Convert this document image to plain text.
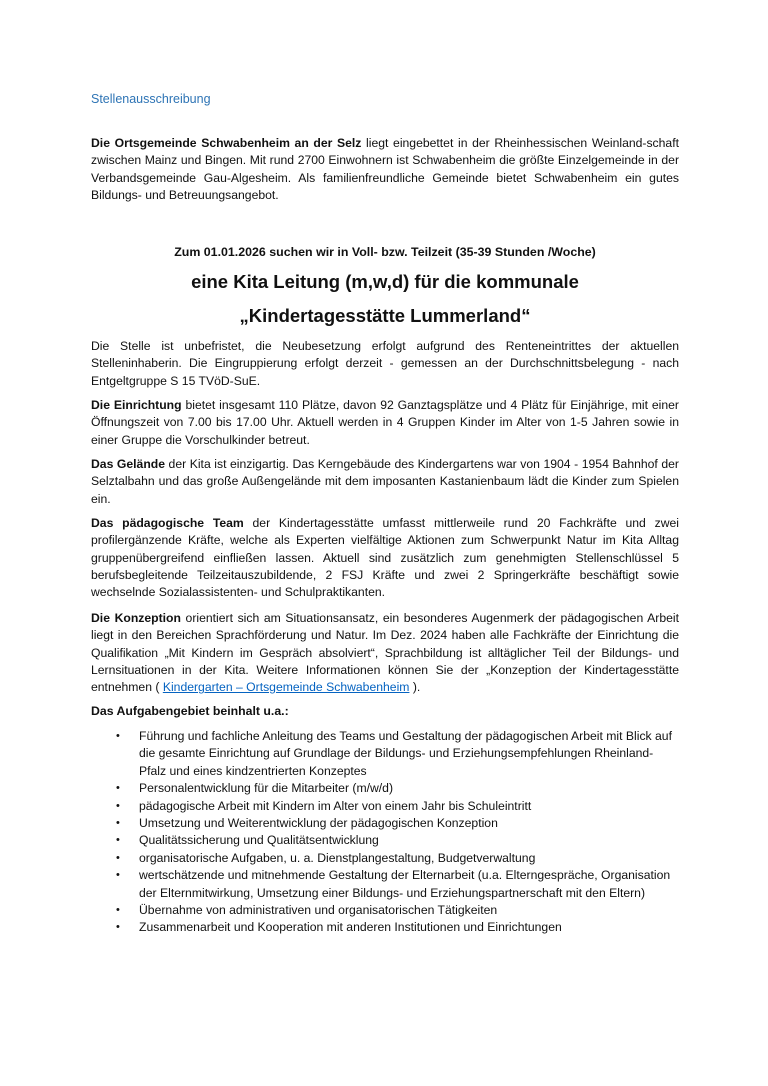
Stellenausschreibung

Die Ortsgemeinde Schwabenheim an der Selz liegt eingebettet in der Rheinhessischen Weinland-schaft zwischen Mainz und Bingen. Mit rund 2700 Einwohnern ist Schwabenheim die größte Einzelgemeinde in der Verbandsgemeinde Gau-Algesheim. Als familienfreundliche Gemeinde bietet Schwabenheim ein gutes Bildungs- und Betreuungsangebot.

Zum 01.01.2026 suchen wir in Voll- bzw. Teilzeit (35-39 Stunden /Woche)
eine Kita Leitung (m,w,d) für die kommunale
„Kindertagesstätte Lummerland“

Die Stelle ist unbefristet, die Neubesetzung erfolgt aufgrund des Renteneintrittes der aktuellen Stelleninhaberin. Die Eingruppierung erfolgt derzeit - gemessen an der Durchschnittsbelegung - nach Entgeltgruppe S 15 TVöD-SuE.

Die Einrichtung bietet insgesamt 110 Plätze, davon 92 Ganztagsplätze und 4 Plätz für Einjährige, mit einer Öffnungszeit von 7.00 bis 17.00 Uhr. Aktuell werden in 4 Gruppen Kinder im Alter von 1-5 Jahren sowie in einer Gruppe die Vorschulkinder betreut.

Das Gelände der Kita ist einzigartig. Das Kerngebäude des Kindergartens war von 1904 - 1954 Bahnhof der Selztalbahn und das große Außengelände mit dem imposanten Kastanienbaum lädt die Kinder zum Spielen ein.

Das pädagogische Team der Kindertagesstätte umfasst mittlerweile rund 20 Fachkräfte und zwei profilergänzende Kräfte, welche als Experten vielfältige Aktionen zum Schwerpunkt Natur im Kita Alltag gruppenübergreifend einfließen lassen. Aktuell sind zusätzlich zum genehmigten Stellenschlüssel 5 berufsbegleitende Teilzeitauszubildende, 2 FSJ Kräfte und zwei 2 Springerkräfte beschäftigt sowie wechselnde Sozialassistenten- und Schulpraktikanten.

Die Konzeption orientiert sich am Situationsansatz, ein besonderes Augenmerk der pädagogischen Arbeit liegt in den Bereichen Sprachförderung und Natur. Im Dez. 2024 haben alle Fachkräfte der Einrichtung die Qualifikation „Mit Kindern im Gespräch absolviert“, Sprachbildung ist alltäglicher Teil der Bildungs- und Lernsituationen in der Kita. Weitere Informationen können Sie der „Konzeption der Kindertagesstätte entnehmen ( Kindergarten – Ortsgemeinde Schwabenheim ).

Das Aufgabengebiet beinhalt u.a.:
• Führung und fachliche Anleitung des Teams und Gestaltung der pädagogischen Arbeit mit Blick auf die gesamte Einrichtung auf Grundlage der Bildungs- und Erziehungsempfehlungen Rheinland-Pfalz und eines kindzentrierten Konzeptes
• Personalentwicklung für die Mitarbeiter (m/w/d)
• pädagogische Arbeit mit Kindern im Alter von einem Jahr bis Schuleintritt
• Umsetzung und Weiterentwicklung der pädagogischen Konzeption
• Qualitätssicherung und Qualitätsentwicklung
• organisatorische Aufgaben, u. a. Dienstplangestaltung, Budgetverwaltung
• wertschätzende und mitnehmende Gestaltung der Elternarbeit (u.a. Elterngespräche, Organisation der Elternmitwirkung, Umsetzung einer Bildungs- und Erziehungspartnerschaft mit den Eltern)
• Übernahme von administrativen und organisatorischen Tätigkeiten
• Zusammenarbeit und Kooperation mit anderen Institutionen und Einrichtungen
